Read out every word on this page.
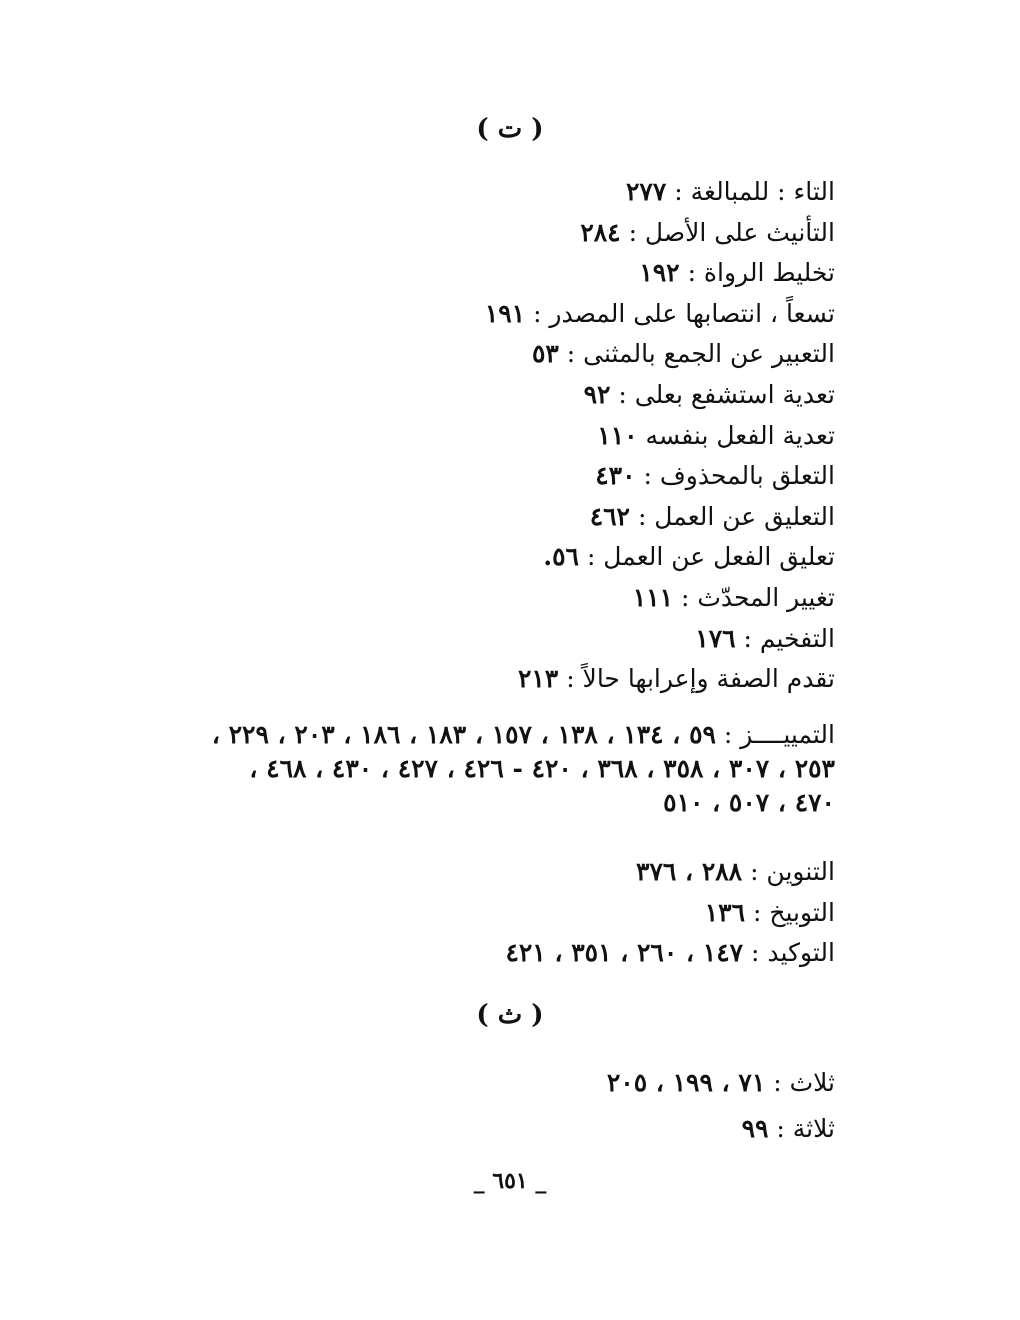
( ت )
التاء : للمبالغة : ٢٧٧
التأنيث على الأصل : ٢٨٤
تخليط الرواة : ١٩٢
تسعاً ، انتصابها على المصدر : ١٩١
التعبير عن الجمع بالمثنى : ٥٣
تعدية استشفع بعلى : ٩٢
تعدية الفعل بنفسه ١١٠
التعلق بالمحذوف : ٤٣٠
التعليق عن العمل : ٤٦٢
تعليق الفعل عن العمل : ٥٦.
تغيير المحدّث : ١١١
التفخيم : ١٧٦
تقدم الصفة وإعرابها حالاً : ٢١٣
التمييــــز : ٥٩ ، ١٣٤ ، ١٣٨ ، ١٥٧ ، ١٨٣ ، ١٨٦ ، ٢٠٣ ، ٢٢٩ ،
٢٥٣ ، ٣٠٧ ، ٣٥٨ ، ٣٦٨ ، ٤٢٠ - ٤٢٦ ، ٤٢٧ ، ٤٣٠ ، ٤٦٨ ،
٤٧٠ ، ٥٠٧ ، ٥١٠
التنوين : ٢٨٨ ، ٣٧٦
التوبيخ : ١٣٦
التوكيد : ١٤٧ ، ٢٦٠ ، ٣٥١ ، ٤٢١
( ث )
ثلاث : ٧١ ، ١٩٩ ، ٢٠٥
ثلاثة : ٩٩
_ ٦٥١ _
